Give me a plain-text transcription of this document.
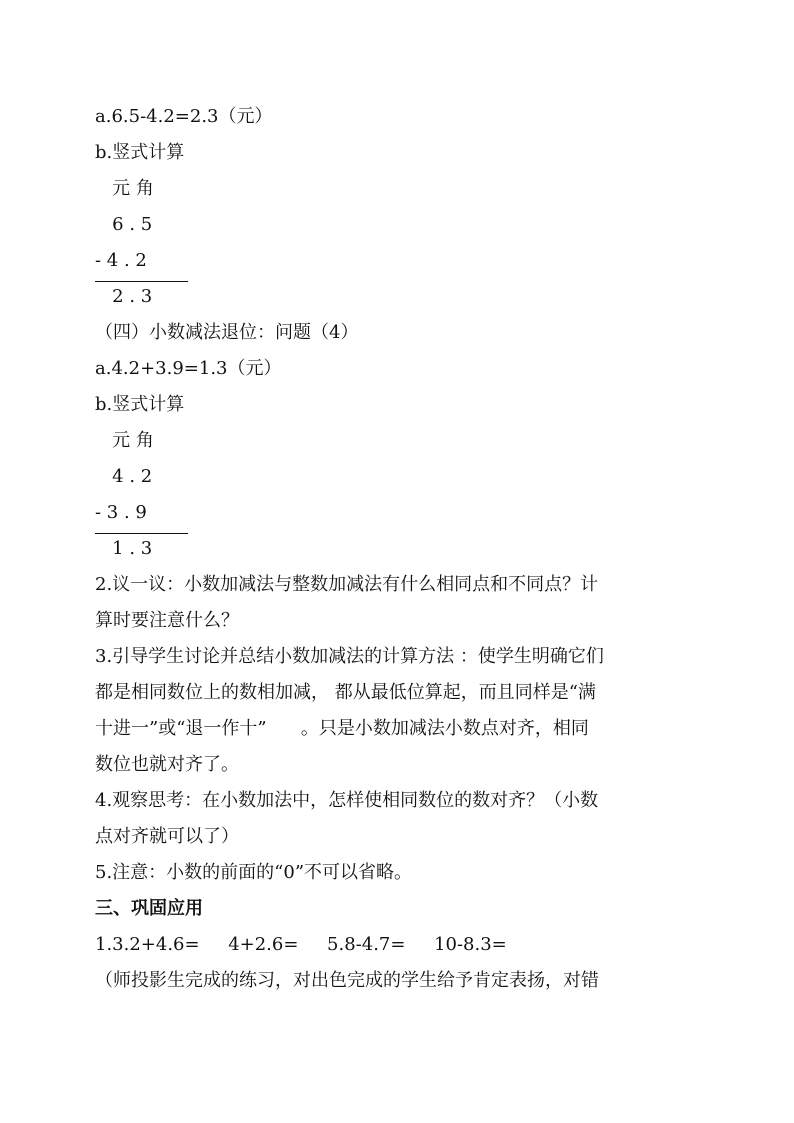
a.6.5-4.2=2.3（元）
b.竖式计算
元 角
6 . 5
- 4 . 2
2 . 3
（四）小数减法退位：问题（4）
a.4.2+3.9=1.3（元）
b.竖式计算
元 角
4 . 2
- 3 . 9
1 . 3
2.议一议：小数加减法与整数加减法有什么相同点和不同点？计
算时要注意什么？
3.引导学生讨论并总结小数加减法的计算方法 ：使学生明确它们
都是相同数位上的数相加减， 都从最低位算起，而且同样是“满
十进一”或“退一作十”      。只是小数加减法小数点对齐，相同
数位也就对齐了。
4.观察思考：在小数加法中，怎样使相同数位的数对齐？（小数
点对齐就可以了）
5.注意：小数的前面的“0”不可以省略。
三、巩固应用
1.3.2+4.6=     4+2.6=     5.8-4.7=     10-8.3=
（师投影生完成的练习，对出色完成的学生给予肯定表扬，对错
